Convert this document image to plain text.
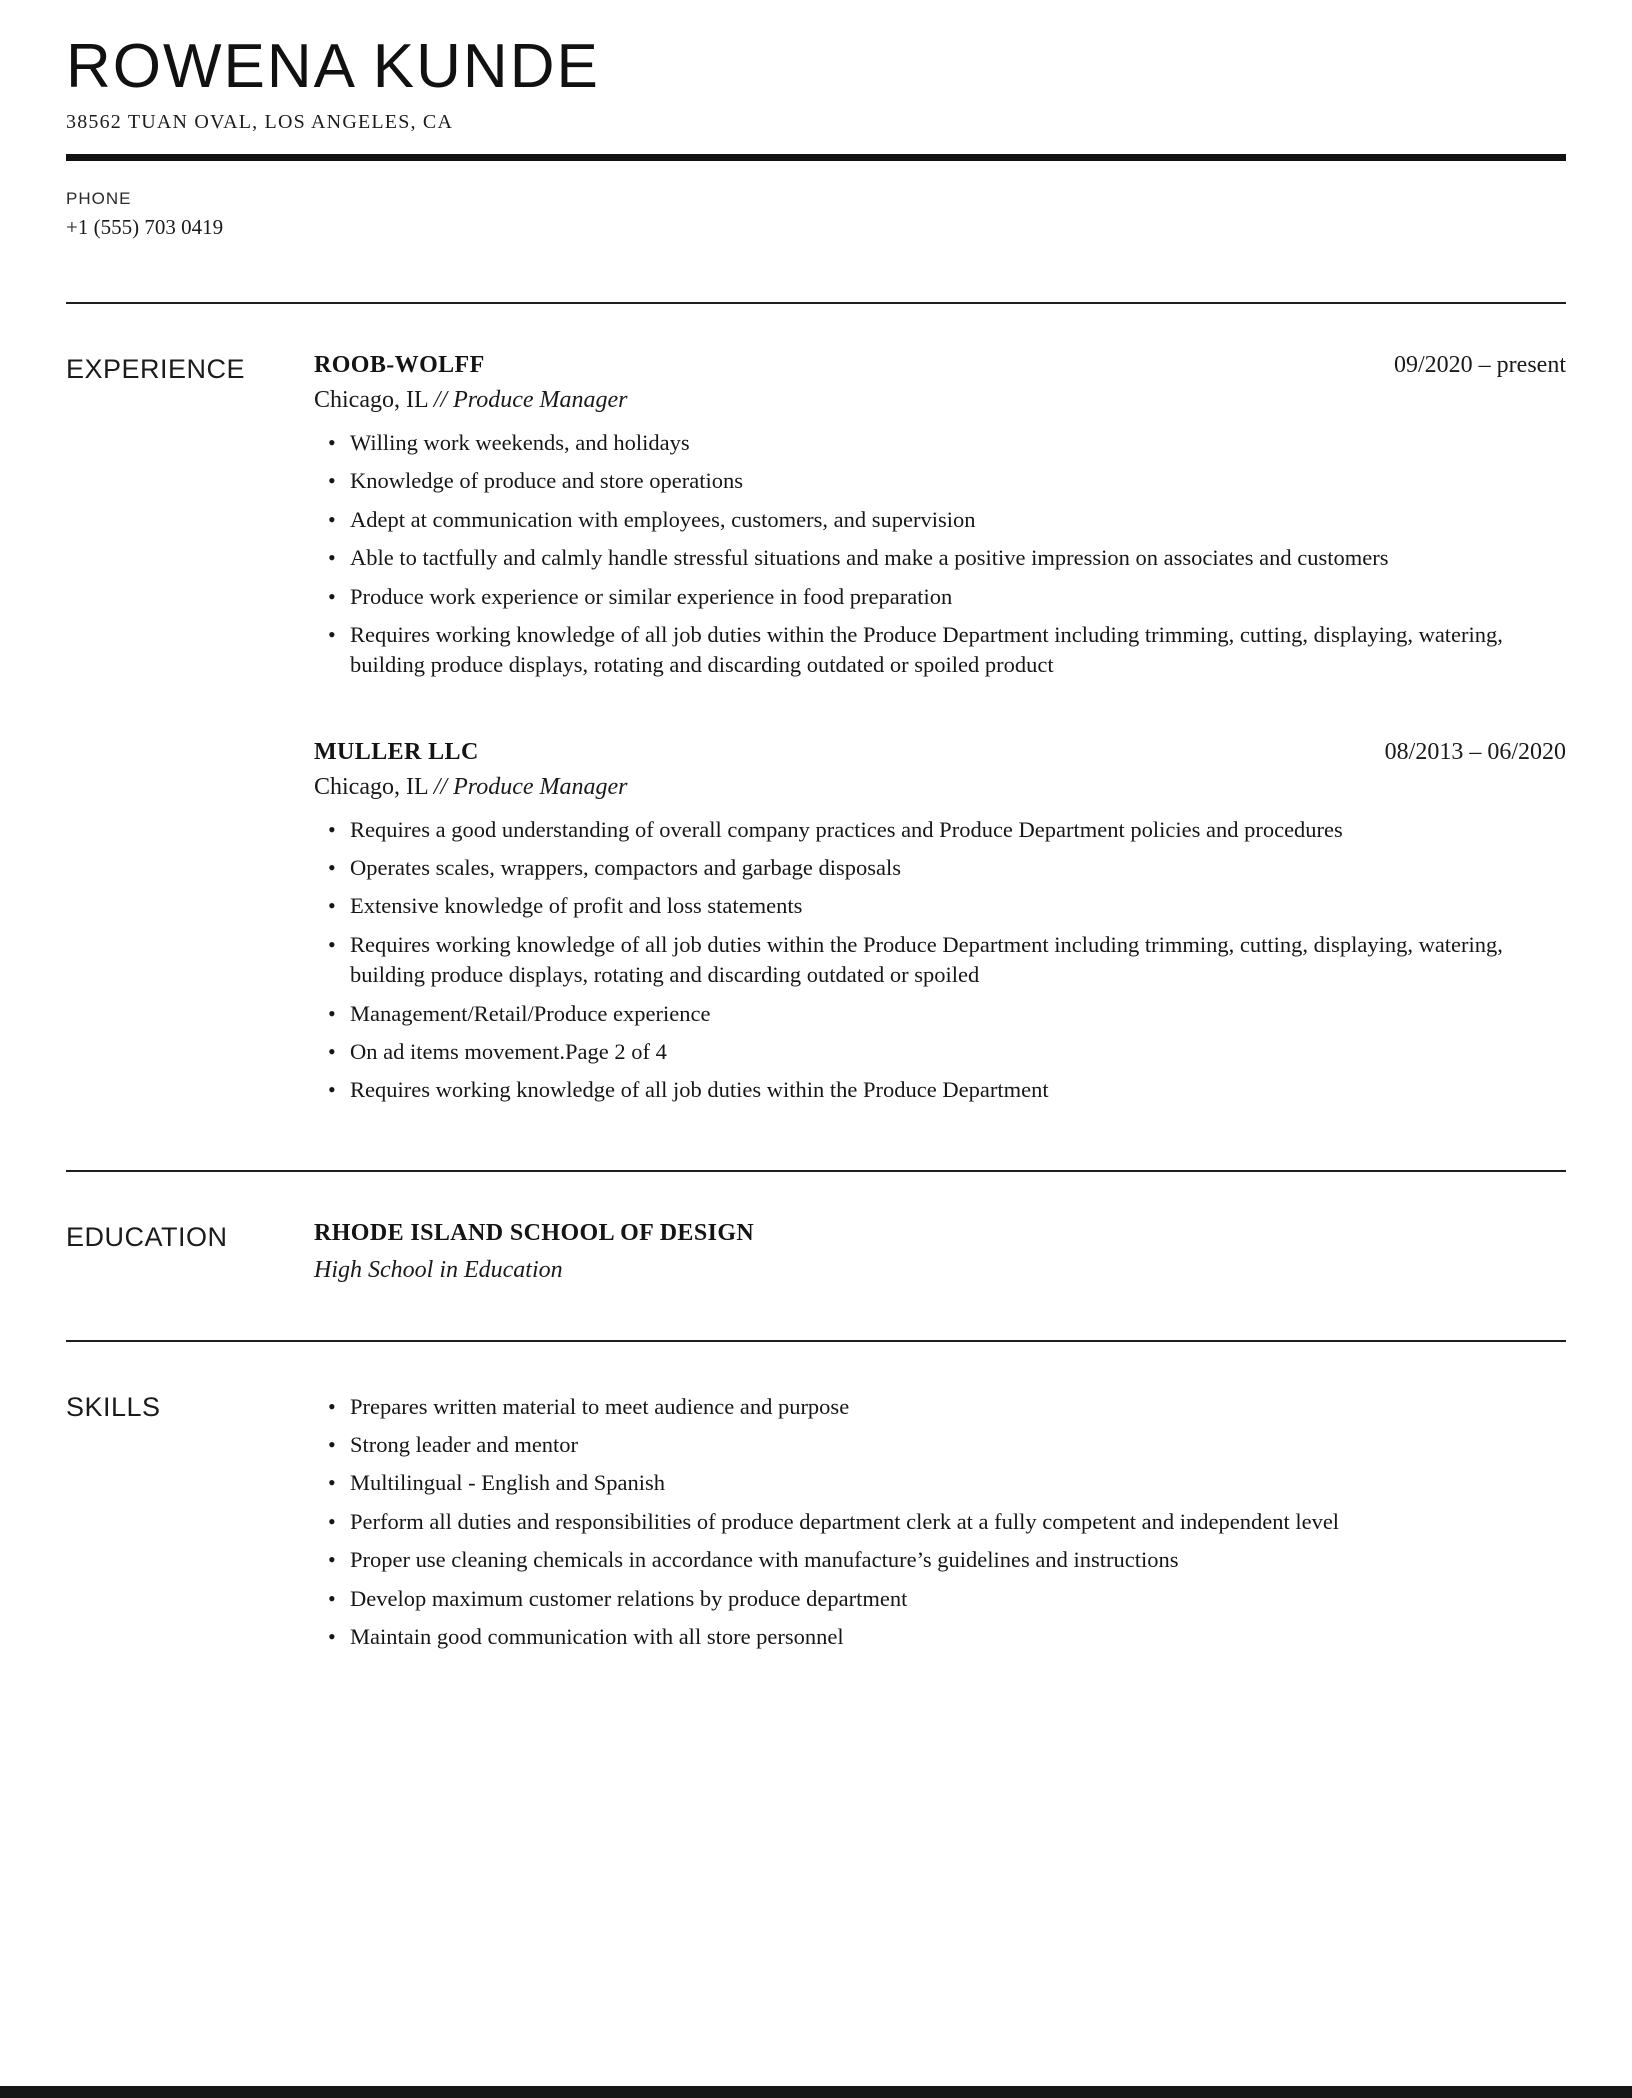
ROWENA KUNDE
38562 TUAN OVAL, LOS ANGELES, CA
PHONE
+1 (555) 703 0419
EXPERIENCE	ROOB-WOLFF	09/2020 – present
Chicago, IL // Produce Manager
• Willing work weekends, and holidays
• Knowledge of produce and store operations
• Adept at communication with employees, customers, and supervision
• Able to tactfully and calmly handle stressful situations and make a positive impression on associates and customers
• Produce work experience or similar experience in food preparation
• Requires working knowledge of all job duties within the Produce Department including trimming, cutting, displaying, watering, building produce displays, rotating and discarding outdated or spoiled product
MULLER LLC	08/2013 – 06/2020
Chicago, IL // Produce Manager
• Requires a good understanding of overall company practices and Produce Department policies and procedures
• Operates scales, wrappers, compactors and garbage disposals
• Extensive knowledge of profit and loss statements
• Requires working knowledge of all job duties within the Produce Department including trimming, cutting, displaying, watering, building produce displays, rotating and discarding outdated or spoiled
• Management/Retail/Produce experience
• On ad items movement.Page 2 of 4
• Requires working knowledge of all job duties within the Produce Department
EDUCATION	RHODE ISLAND SCHOOL OF DESIGN
High School in Education
SKILLS	• Prepares written material to meet audience and purpose
• Strong leader and mentor
• Multilingual - English and Spanish
• Perform all duties and responsibilities of produce department clerk at a fully competent and independent level
• Proper use cleaning chemicals in accordance with manufacture’s guidelines and instructions
• Develop maximum customer relations by produce department
• Maintain good communication with all store personnel
